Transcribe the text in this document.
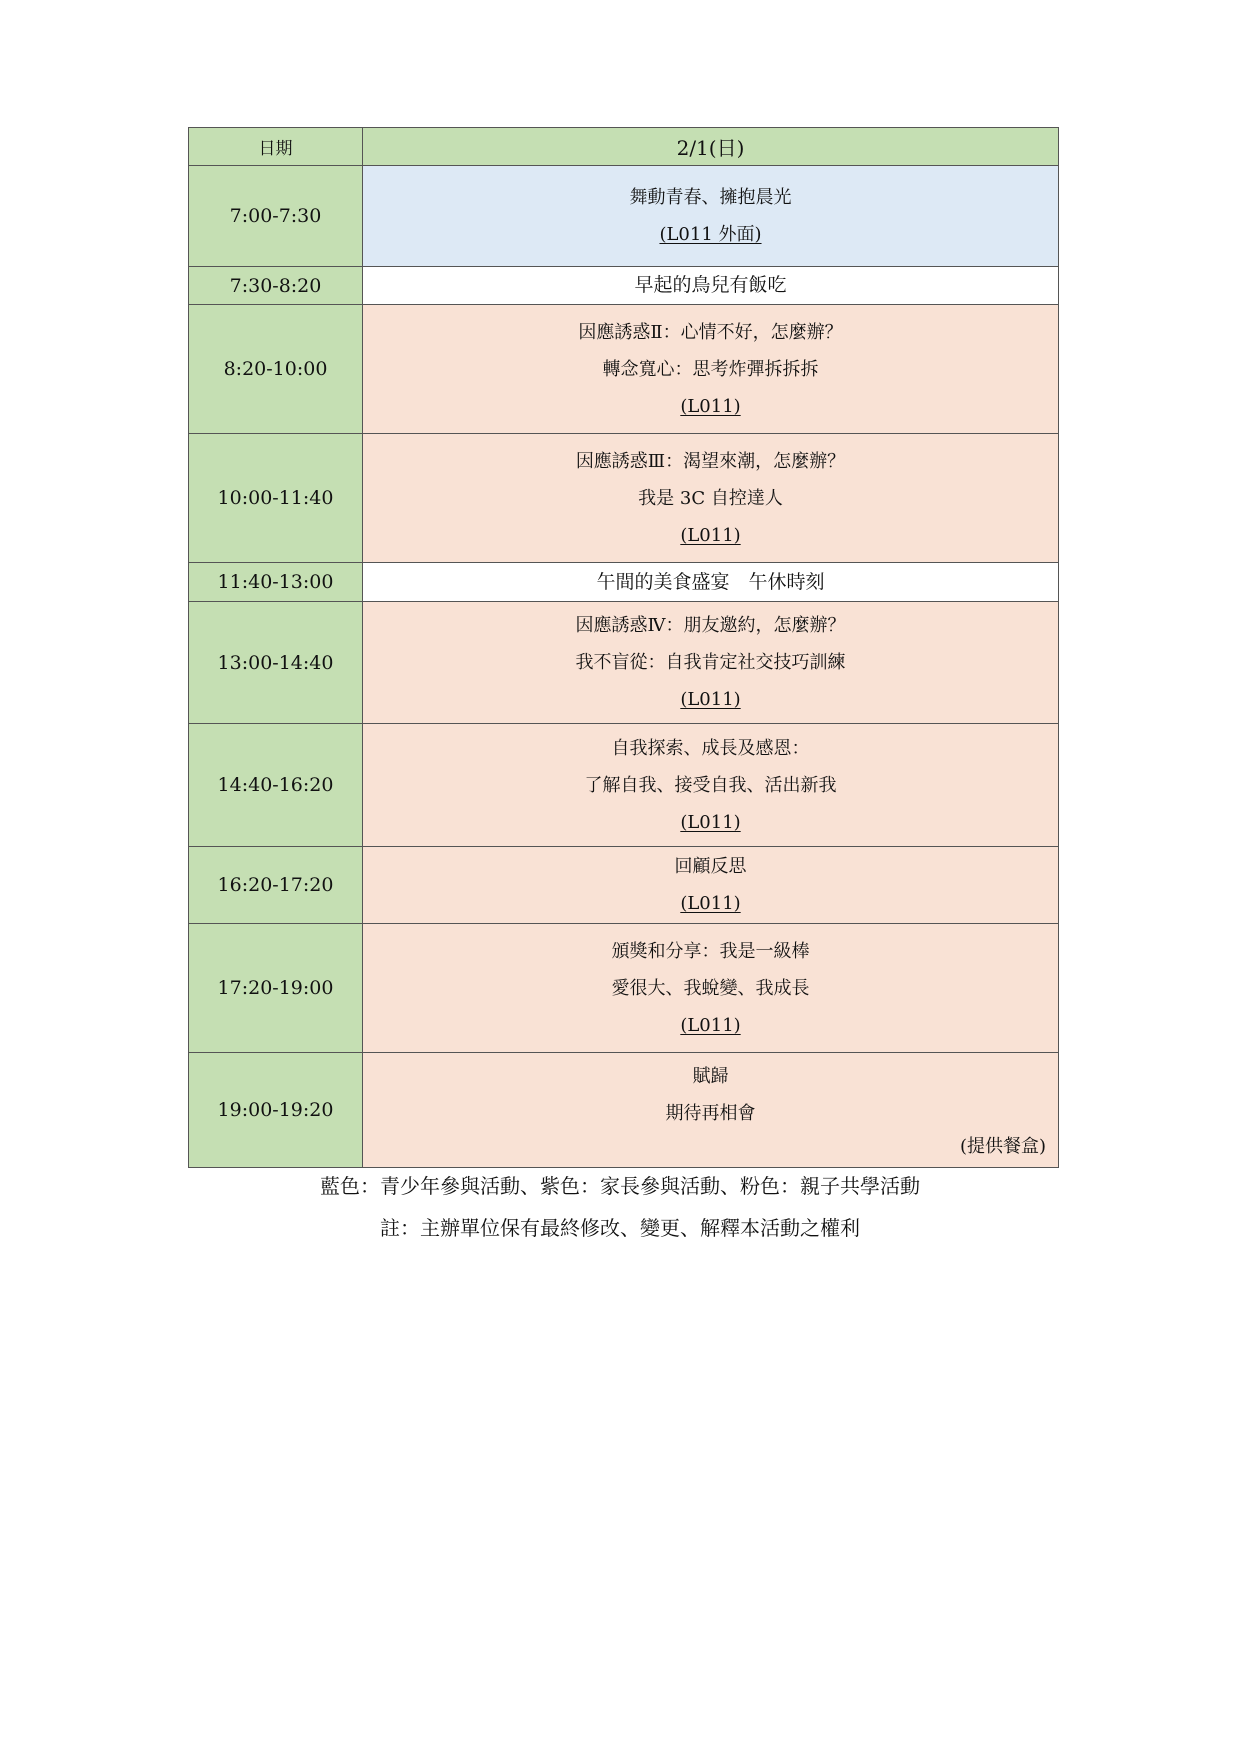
日期	2/1(日)
7:00-7:30	舞動青春、擁抱晨光
(L011 外面)

7:30-8:20	早起的鳥兒有飯吃

8:20-10:00	因應誘惑Ⅱ：心情不好，怎麼辦？
轉念寬心：思考炸彈拆拆拆
(L011)

10:00-11:40	因應誘惑Ⅲ：渴望來潮，怎麼辦？
我是 3C 自控達人
(L011)

11:40-13:00	午間的美食盛宴　午休時刻

13:00-14:40	因應誘惑Ⅳ：朋友邀約，怎麼辦？
我不盲從：自我肯定社交技巧訓練
(L011)

14:40-16:20	自我探索、成長及感恩：
了解自我、接受自我、活出新我
(L011)

16:20-17:20	回顧反思
(L011)

17:20-19:00	頒獎和分享：我是一級棒
愛很大、我蛻變、我成長
(L011)

19:00-19:20	賦歸
期待再相會
(提供餐盒)
藍色：青少年參與活動、紫色：家長參與活動、粉色：親子共學活動
註：主辦單位保有最終修改、變更、解釋本活動之權利
